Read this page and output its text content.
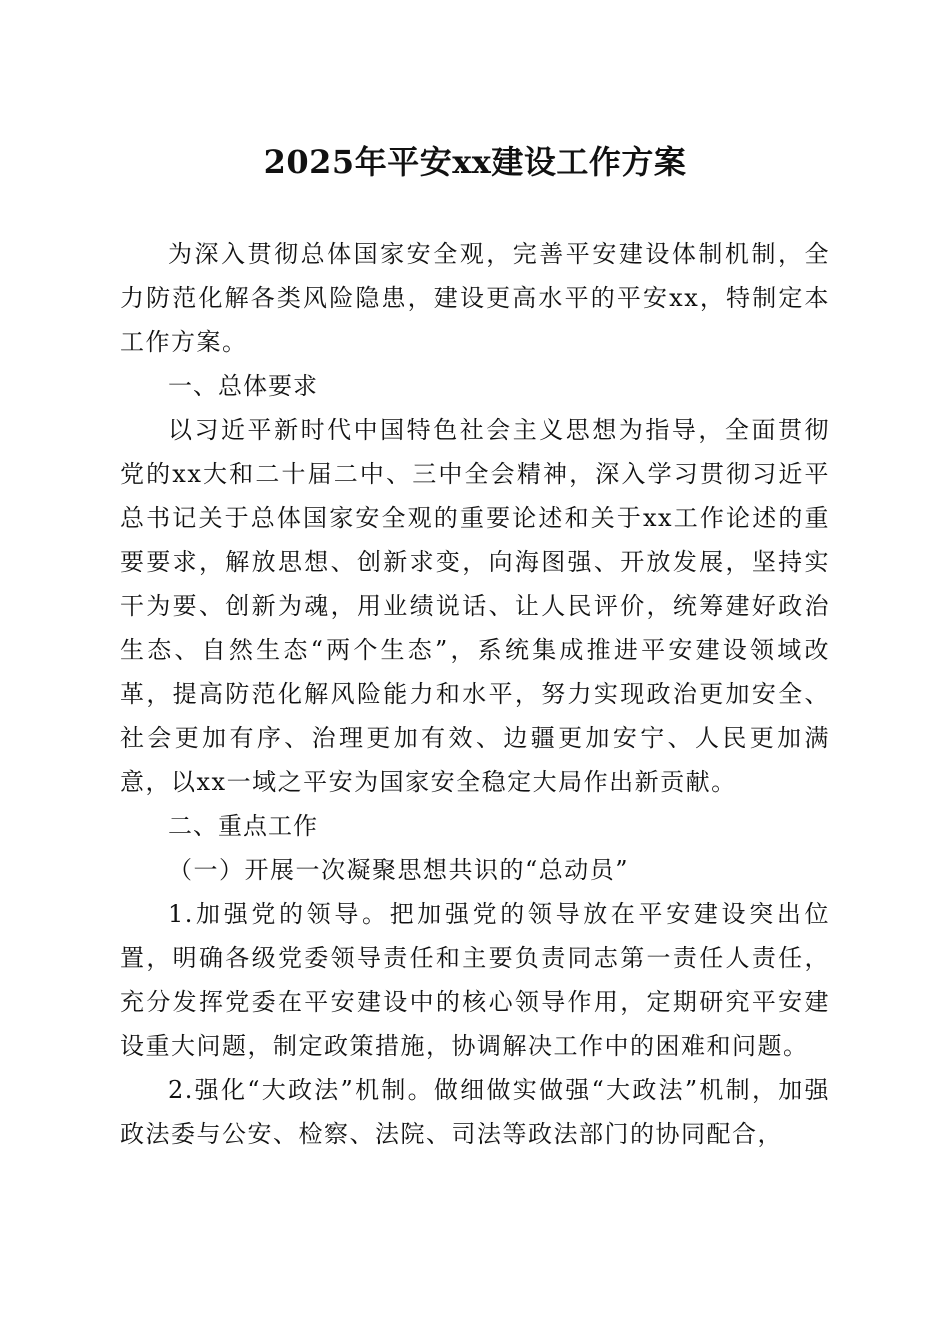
2025年平安xx建设工作方案

为深入贯彻总体国家安全观，完善平安建设体制机制，全力防范化解各类风险隐患，建设更高水平的平安xx，特制定本工作方案。

一、总体要求

以习近平新时代中国特色社会主义思想为指导，全面贯彻党的xx大和二十届二中、三中全会精神，深入学习贯彻习近平总书记关于总体国家安全观的重要论述和关于xx工作论述的重要要求，解放思想、创新求变，向海图强、开放发展，坚持实干为要、创新为魂，用业绩说话、让人民评价，统筹建好政治生态、自然生态“两个生态”，系统集成推进平安建设领域改革，提高防范化解风险能力和水平，努力实现政治更加安全、社会更加有序、治理更加有效、边疆更加安宁、人民更加满意，以xx一域之平安为国家安全稳定大局作出新贡献。

二、重点工作

（一）开展一次凝聚思想共识的“总动员”

1.加强党的领导。把加强党的领导放在平安建设突出位置，明确各级党委领导责任和主要负责同志第一责任人责任，充分发挥党委在平安建设中的核心领导作用，定期研究平安建设重大问题，制定政策措施，协调解决工作中的困难和问题。

2.强化“大政法”机制。做细做实做强“大政法”机制，加强政法委与公安、检察、法院、司法等政法部门的协同配合，
